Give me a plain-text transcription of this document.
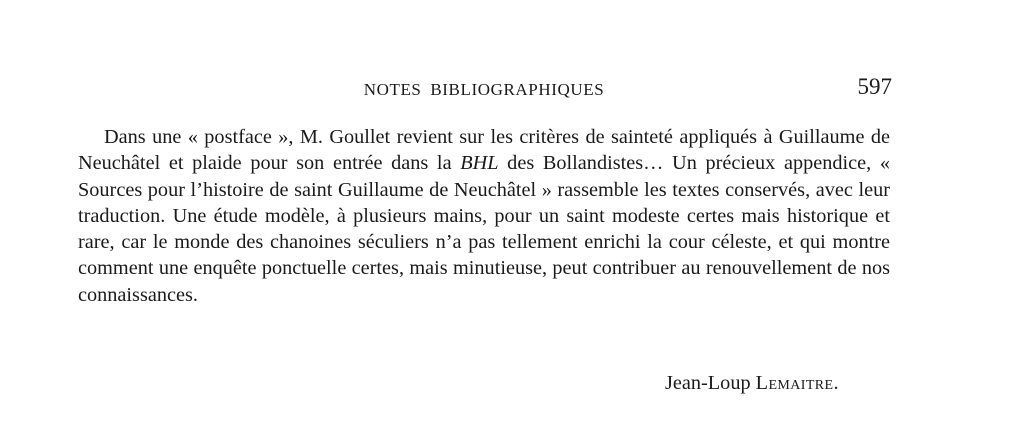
NOTES BIBLIOGRAPHIQUES	597

Dans une « postface », M. Goullet revient sur les critères de sainteté appliqués à Guillaume de Neuchâtel et plaide pour son entrée dans la BHL des Bollandistes… Un précieux appendice, « Sources pour l’histoire de saint Guillaume de Neuchâtel » rassemble les textes conservés, avec leur traduction. Une étude modèle, à plusieurs mains, pour un saint modeste certes mais historique et rare, car le monde des chanoines séculiers n’a pas tellement enrichi la cour céleste, et qui montre comment une enquête ponctuelle certes, mais minutieuse, peut contribuer au renouvellement de nos connaissances.

Jean-Loup Lemaitre.
